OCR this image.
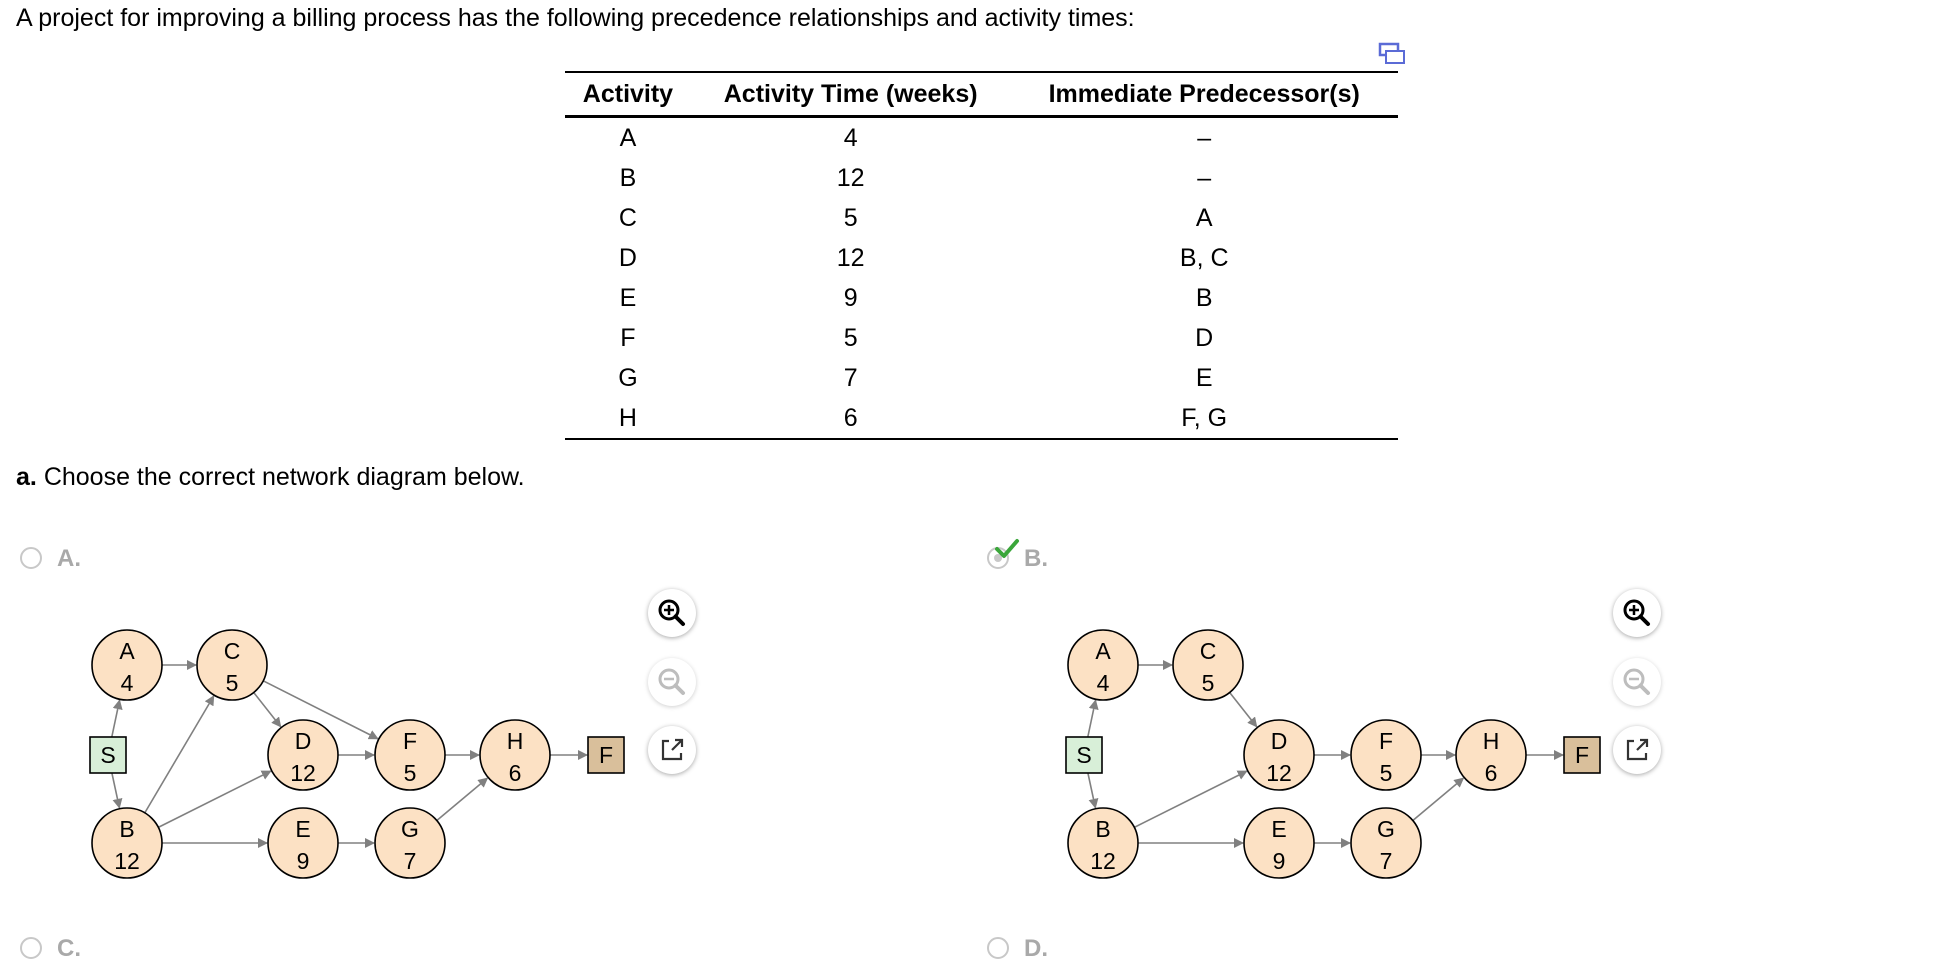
A project for improving a billing process has the following precedence relationships and activity times:

Activity	Activity Time (weeks)	Immediate Predecessor(s)
A	4	–
B	12	–
C	5	A
D	12	B, C
E	9	B
F	5	D
G	7	E
H	6	F, G

a. Choose the correct network diagram below.

A.	B.
C.	D.
S
A
4
B
12
C
5
D
12
E
9
F
5
G
7
H
6
F	S
A
4
B
12
C
5
D
12
E
9
F
5
G
7
H
6
F
